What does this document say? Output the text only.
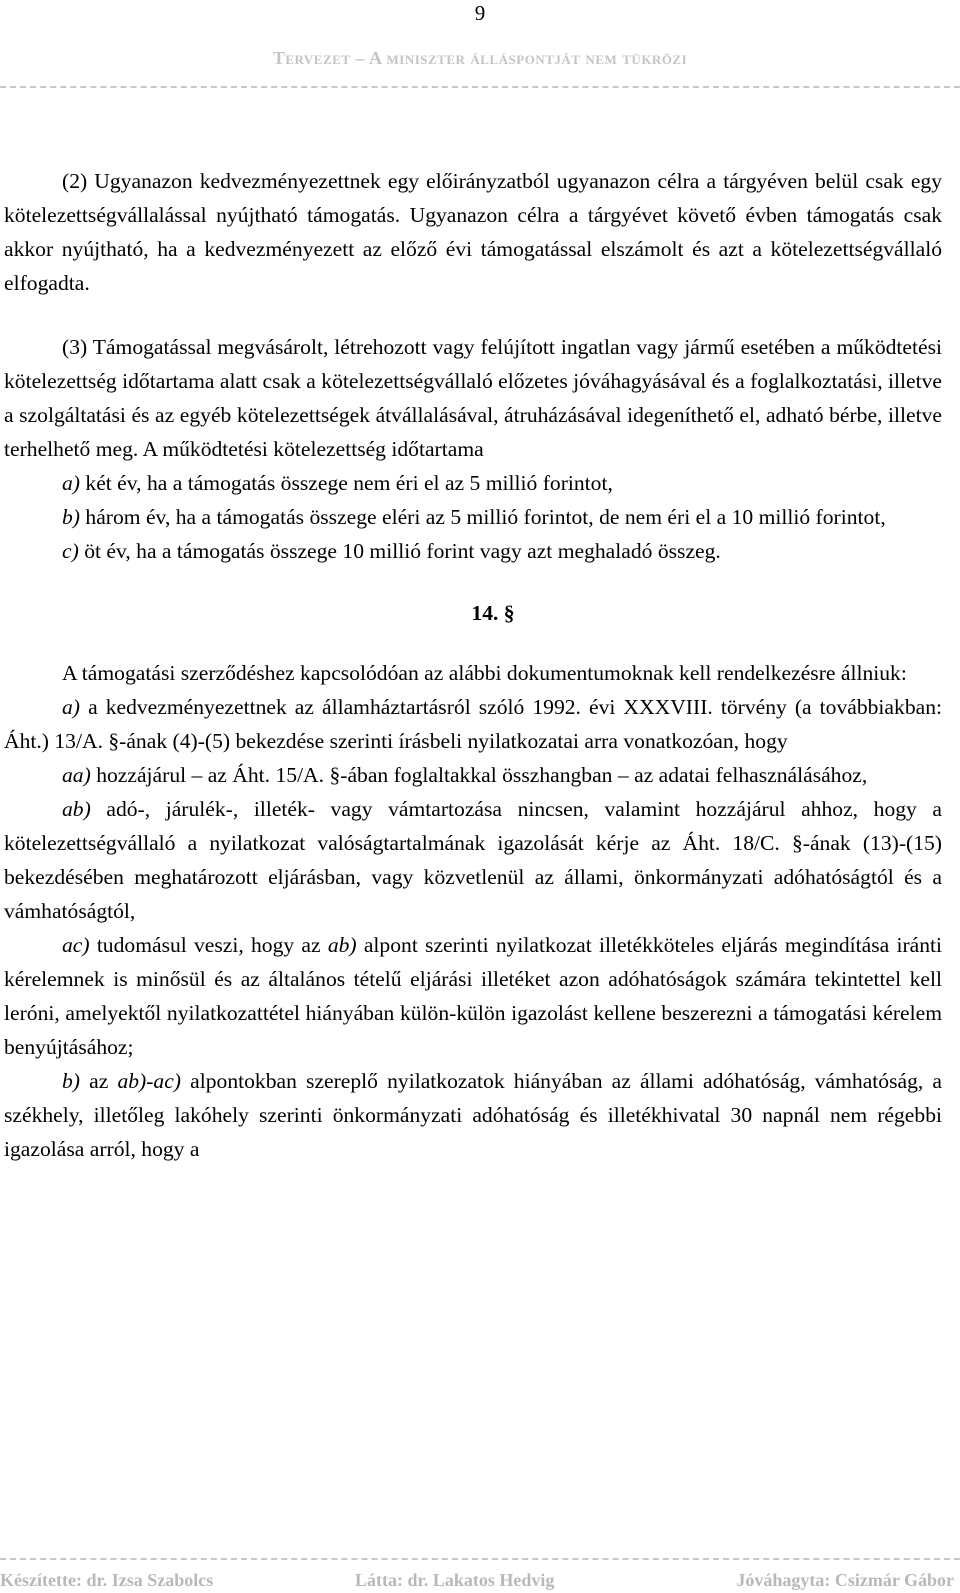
9
Tervezet – A miniszter álláspontját nem tükrözi

(2) Ugyanazon kedvezményezettnek egy előirányzatból ugyanazon célra a tárgyéven belül csak egy kötelezettségvállalással nyújtható támogatás. Ugyanazon célra a tárgyévet követő évben támogatás csak akkor nyújtható, ha a kedvezményezett az előző évi támogatással elszámolt és azt a kötelezettségvállaló elfogadta.

(3) Támogatással megvásárolt, létrehozott vagy felújított ingatlan vagy jármű esetében a működtetési kötelezettség időtartama alatt csak a kötelezettségvállaló előzetes jóváhagyásával és a foglalkoztatási, illetve a szolgáltatási és az egyéb kötelezettségek átvállalásával, átruházásával idegeníthető el, adható bérbe, illetve terhelhető meg. A működtetési kötelezettség időtartama

a) két év, ha a támogatás összege nem éri el az 5 millió forintot,

b) három év, ha a támogatás összege eléri az 5 millió forintot, de nem éri el a 10 millió forintot,

c) öt év, ha a támogatás összege 10 millió forint vagy azt meghaladó összeg.

14. §

A támogatási szerződéshez kapcsolódóan az alábbi dokumentumoknak kell rendelkezésre állniuk:

a) a kedvezményezettnek az államháztartásról szóló 1992. évi XXXVIII. törvény (a továbbiakban: Áht.) 13/A. §-ának (4)-(5) bekezdése szerinti írásbeli nyilatkozatai arra vonatkozóan, hogy

aa) hozzájárul – az Áht. 15/A. §-ában foglaltakkal összhangban – az adatai felhasználásához,

ab) adó-, járulék-, illeték- vagy vámtartozása nincsen, valamint hozzájárul ahhoz, hogy a kötelezettségvállaló a nyilatkozat valóságtartalmának igazolását kérje az Áht. 18/C. §-ának (13)-(15) bekezdésében meghatározott eljárásban, vagy közvetlenül az állami, önkormányzati adóhatóságtól és a vámhatóságtól,

ac) tudomásul veszi, hogy az ab) alpont szerinti nyilatkozat illetékköteles eljárás megindítása iránti kérelemnek is minősül és az általános tételű eljárási illetéket azon adóhatóságok számára tekintettel kell leróni, amelyektől nyilatkozattétel hiányában külön-külön igazolást kellene beszerezni a támogatási kérelem benyújtásához;

b) az ab)-ac) alpontokban szereplő nyilatkozatok hiányában az állami adóhatóság, vámhatóság, a székhely, illetőleg lakóhely szerinti önkormányzati adóhatóság és illetékhivatal 30 napnál nem régebbi igazolása arról, hogy a

Készítette: dr. Izsa Szabolcs	Látta: dr. Lakatos Hedvig	Jóváhagyta: Csizmár Gábor
